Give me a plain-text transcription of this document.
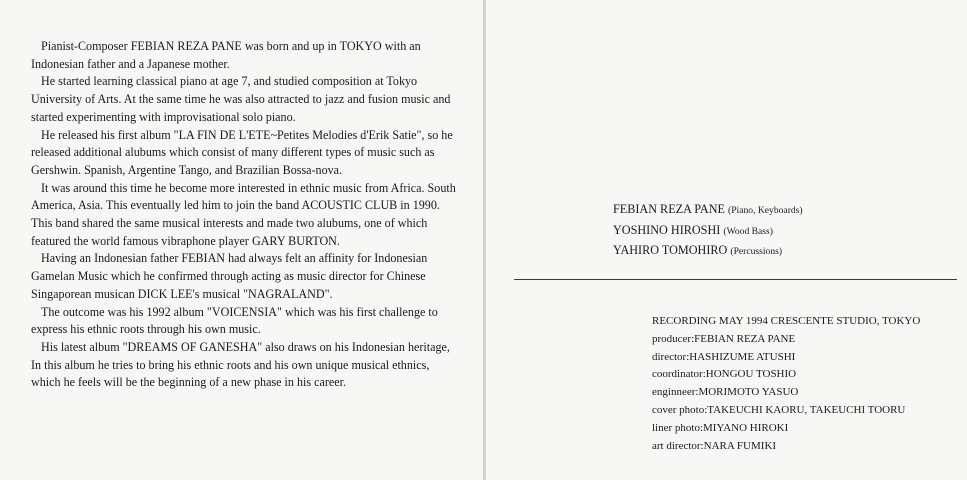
Pianist-Composer FEBIAN REZA PANE was born and up in TOKYO with an Indonesian father and a Japanese mother.

He started learning classical piano at age 7, and studied composition at Tokyo University of Arts. At the same time he was also attracted to jazz and fusion music and started experimenting with improvisational solo piano.

He released his first album "LA FIN DE L'ETE~Petites Melodies d'Erik Satie", so he released additional alubums which consist of many different types of music such as Gershwin. Spanish, Argentine Tango, and Brazilian Bossa-nova.

It was around this time he become more interested in ethnic music from Africa. South America, Asia. This eventually led him to join the band ACOUSTIC CLUB in 1990. This band shared the same musical interests and made two alubums, one of which featured the world famous vibraphone player GARY BURTON.

Having an Indonesian father FEBIAN had always felt an affinity for Indonesian Gamelan Music which he confirmed through acting as music director for Chinese Singaporean musican DICK LEE's musical "NAGRALAND".

The outcome was his 1992 album "VOICENSIA" which was his first challenge to express his ethnic roots through his own music.

His latest album "DREAMS OF GANESHA" also draws on his Indonesian heritage, In this album he tries to bring his ethnic roots and his own unique musical ethnics, which he feels will be the beginning of a new phase in his career.

FEBIAN REZA PANE (Piano, Keyboards)
YOSHINO HIROSHI (Wood Bass)
YAHIRO TOMOHIRO (Percussions)
RECORDING MAY 1994 CRESCENTE STUDIO, TOKYO
producer:FEBIAN REZA PANE
director:HASHIZUME ATUSHI
coordinator:HONGOU TOSHIO
enginneer:MORIMOTO YASUO
cover photo:TAKEUCHI KAORU, TAKEUCHI TOORU
liner photo:MIYANO HIROKI
art director:NARA FUMIKI
